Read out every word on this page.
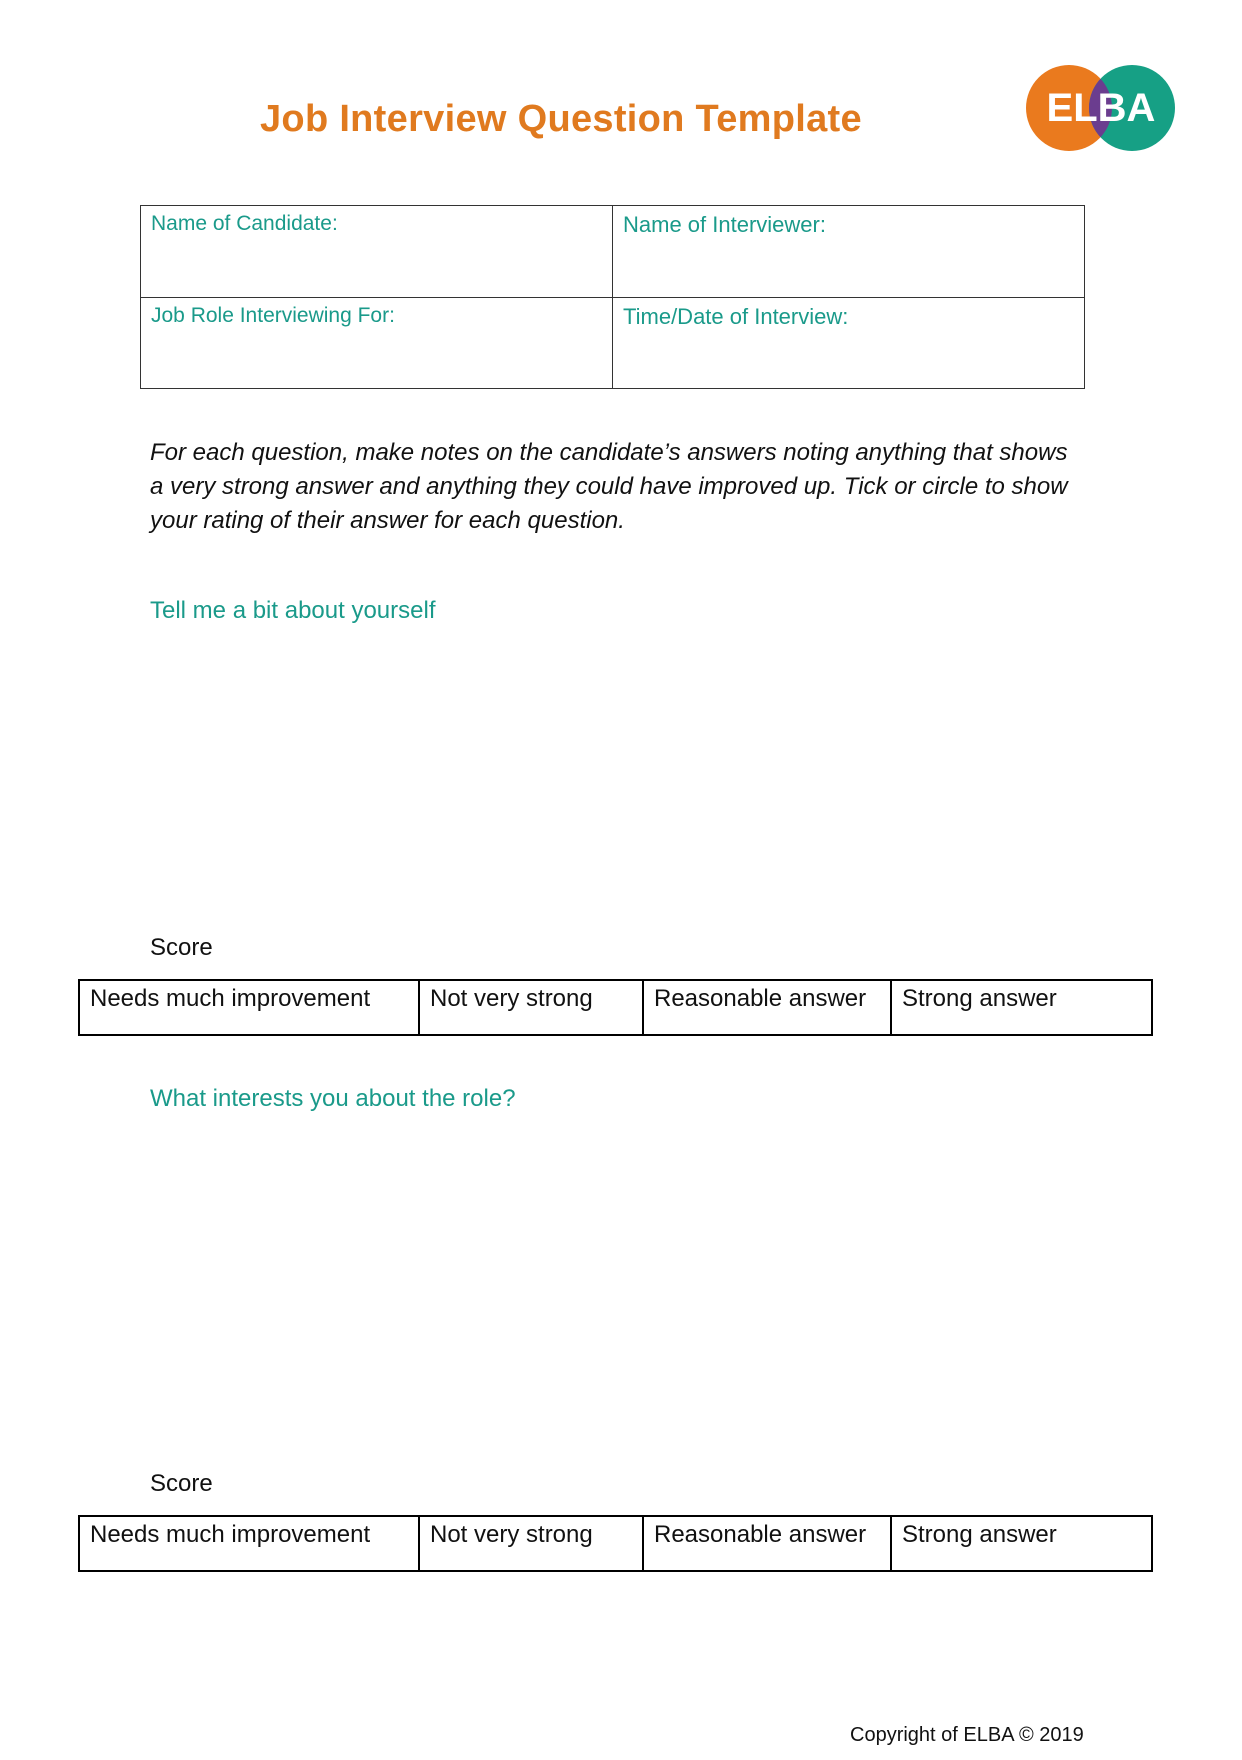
Job Interview Question Template	ELBA
Name of Candidate:	Name of Interviewer:
Job Role Interviewing For:	Time/Date of Interview:
For each question, make notes on the candidate’s answers noting anything that shows a very strong answer and anything they could have improved up. Tick or circle to show your rating of their answer for each question.
Tell me a bit about yourself
Score
Needs much improvement	Not very strong	Reasonable answer	Strong answer
What interests you about the role?
Score
Needs much improvement	Not very strong	Reasonable answer	Strong answer
Copyright of ELBA © 2019
